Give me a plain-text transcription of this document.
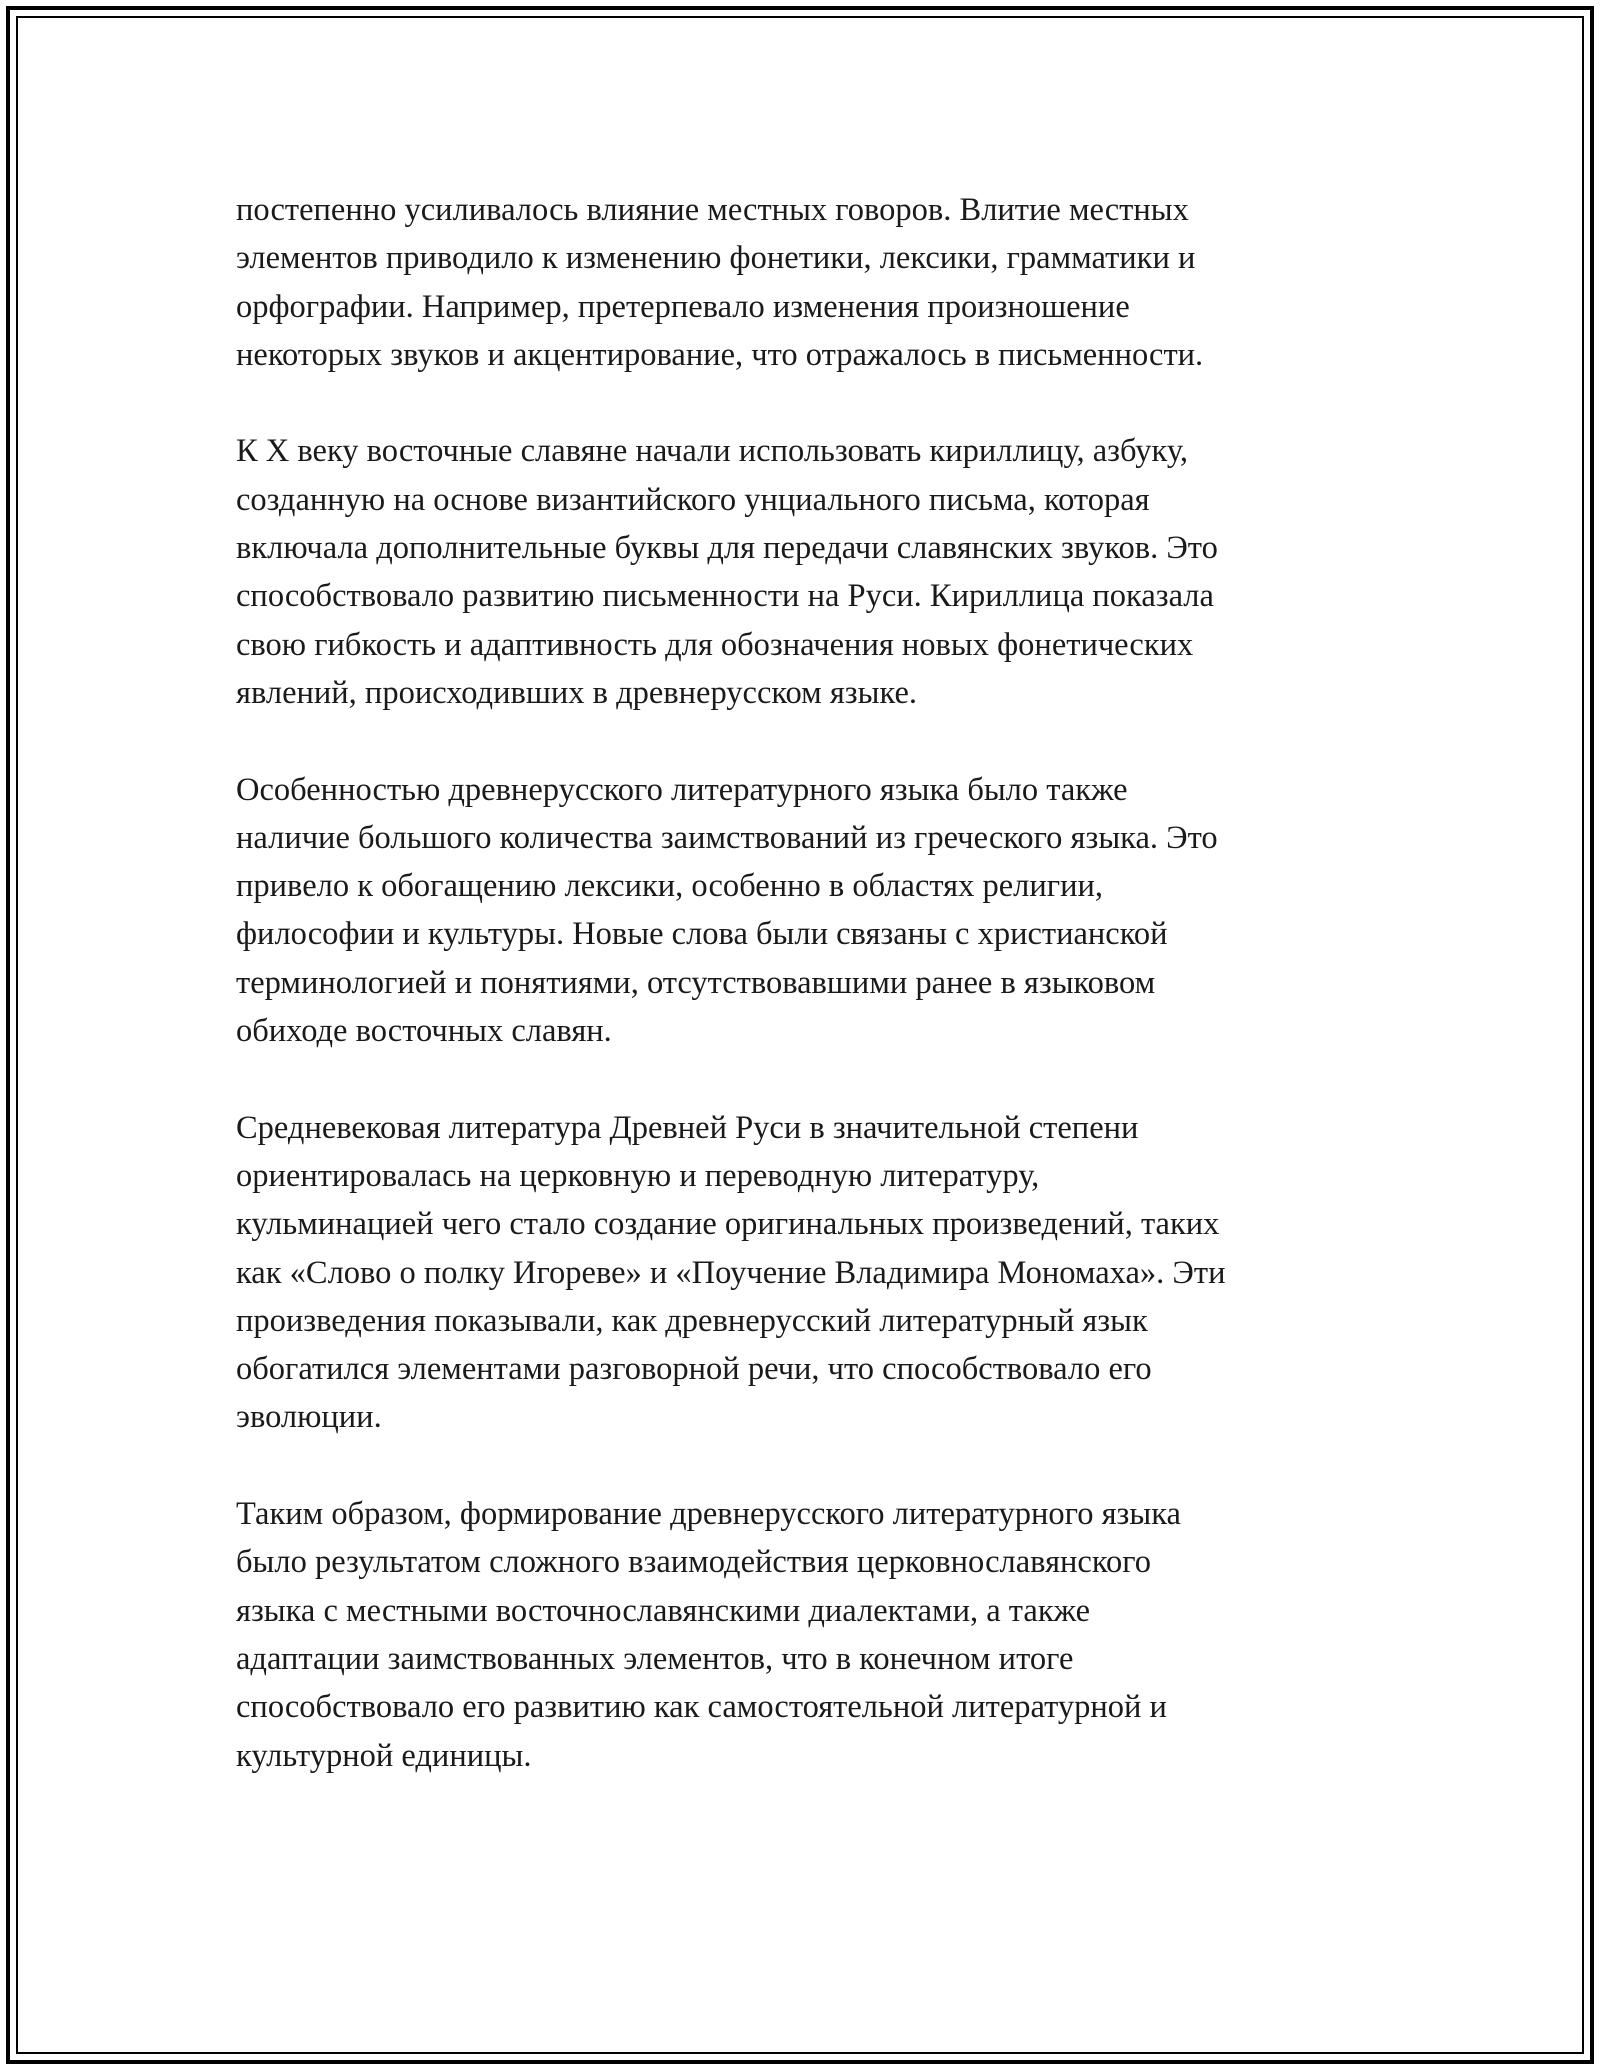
постепенно усиливалось влияние местных говоров. Влитие местных
элементов приводило к изменению фонетики, лексики, грамматики и
орфографии. Например, претерпевало изменения произношение
некоторых звуков и акцентирование, что отражалось в письменности.

К X веку восточные славяне начали использовать кириллицу, азбуку,
созданную на основе византийского унциального письма, которая
включала дополнительные буквы для передачи славянских звуков. Это
способствовало развитию письменности на Руси. Кириллица показала
свою гибкость и адаптивность для обозначения новых фонетических
явлений, происходивших в древнерусском языке.

Особенностью древнерусского литературного языка было также
наличие большого количества заимствований из греческого языка. Это
привело к обогащению лексики, особенно в областях религии,
философии и культуры. Новые слова были связаны с христианской
терминологией и понятиями, отсутствовавшими ранее в языковом
обиходе восточных славян.

Средневековая литература Древней Руси в значительной степени
ориентировалась на церковную и переводную литературу,
кульминацией чего стало создание оригинальных произведений, таких
как «Слово о полку Игореве» и «Поучение Владимира Мономаха». Эти
произведения показывали, как древнерусский литературный язык
обогатился элементами разговорной речи, что способствовало его
эволюции.

Таким образом, формирование древнерусского литературного языка
было результатом сложного взаимодействия церковнославянского
языка с местными восточнославянскими диалектами, а также
адаптации заимствованных элементов, что в конечном итоге
способствовало его развитию как самостоятельной литературной и
культурной единицы.
